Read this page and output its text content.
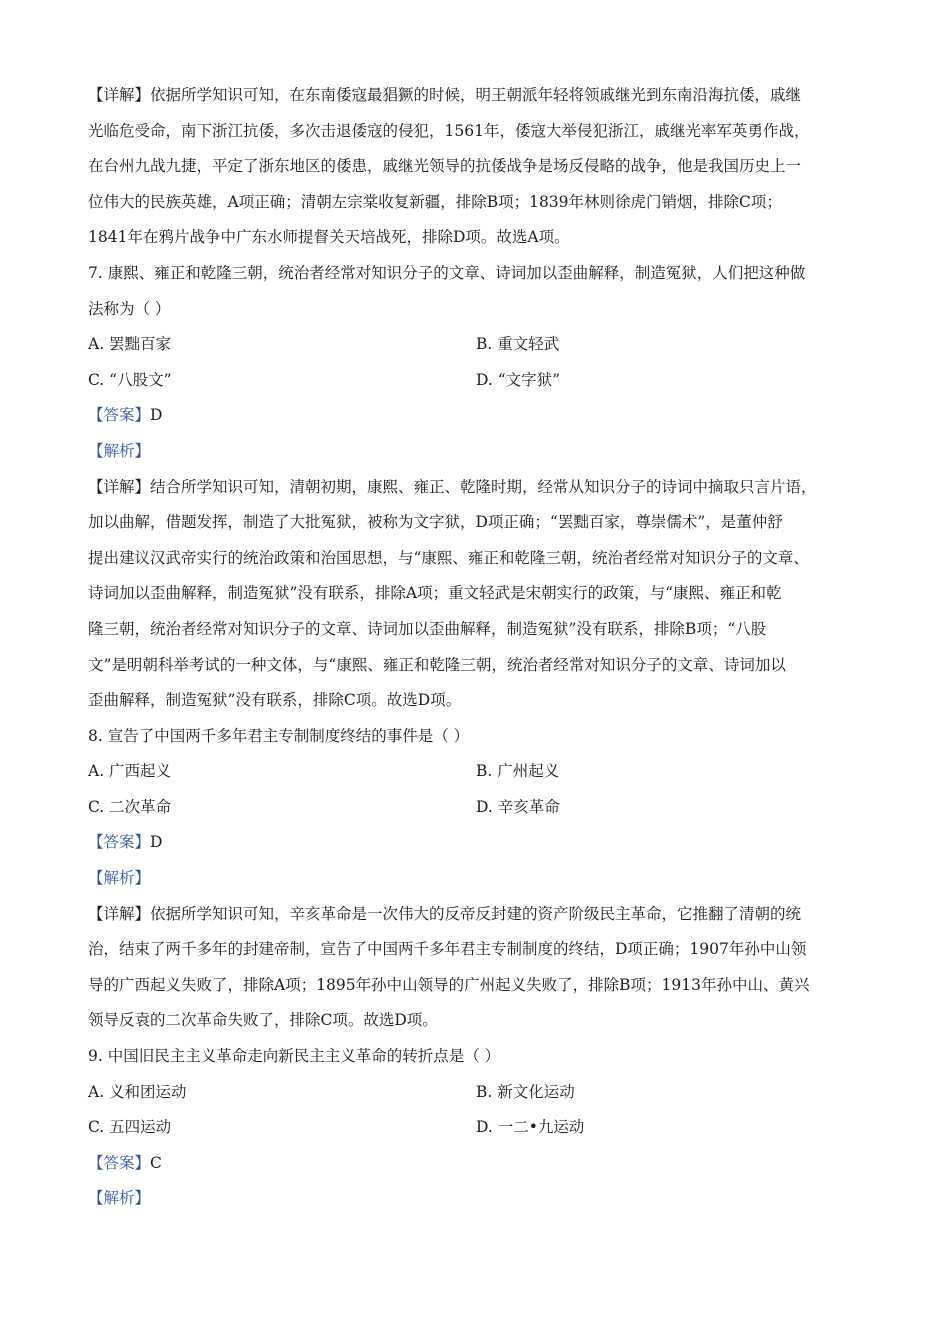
【详解】依据所学知识可知，在东南倭寇最猖獗的时候，明王朝派年轻将领戚继光到东南沿海抗倭，戚继

光临危受命，南下浙江抗倭，多次击退倭寇的侵犯，1561年，倭寇大举侵犯浙江，戚继光率军英勇作战，

在台州九战九捷，平定了浙东地区的倭患，戚继光领导的抗倭战争是场反侵略的战争，他是我国历史上一

位伟大的民族英雄，A项正确；清朝左宗棠收复新疆，排除B项；1839年林则徐虎门销烟，排除C项；

1841年在鸦片战争中广东水师提督关天培战死，排除D项。故选A项。

7. 康熙、雍正和乾隆三朝，统治者经常对知识分子的文章、诗词加以歪曲解释，制造冤狱，人们把这种做

法称为（ ）

A. 罢黜百家	B. 重文轻武
C. “八股文”	D. “文字狱”

【答案】D

【解析】

【详解】结合所学知识可知，清朝初期，康熙、雍正、乾隆时期，经常从知识分子的诗词中摘取只言片语，

加以曲解，借题发挥，制造了大批冤狱，被称为文字狱，D项正确；“罢黜百家，尊崇儒术”，是董仲舒

提出建议汉武帝实行的统治政策和治国思想，与“康熙、雍正和乾隆三朝，统治者经常对知识分子的文章、

诗词加以歪曲解释，制造冤狱”没有联系，排除A项；重文轻武是宋朝实行的政策，与“康熙、雍正和乾

隆三朝，统治者经常对知识分子的文章、诗词加以歪曲解释，制造冤狱”没有联系，排除B项；“八股

文”是明朝科举考试的一种文体，与“康熙、雍正和乾隆三朝，统治者经常对知识分子的文章、诗词加以

歪曲解释，制造冤狱”没有联系，排除C项。故选D项。

8. 宣告了中国两千多年君主专制制度终结的事件是（ ）

A. 广西起义	B. 广州起义
C. 二次革命	D. 辛亥革命

【答案】D

【解析】

【详解】依据所学知识可知，辛亥革命是一次伟大的反帝反封建的资产阶级民主革命，它推翻了清朝的统

治，结束了两千多年的封建帝制，宣告了中国两千多年君主专制制度的终结，D项正确；1907年孙中山领

导的广西起义失败了，排除A项；1895年孙中山领导的广州起义失败了，排除B项；1913年孙中山、黄兴

领导反袁的二次革命失败了，排除C项。故选D项。

9. 中国旧民主主义革命走向新民主主义革命的转折点是（ ）

A. 义和团运动	B. 新文化运动
C. 五四运动	D. 一二•九运动

【答案】C

【解析】
